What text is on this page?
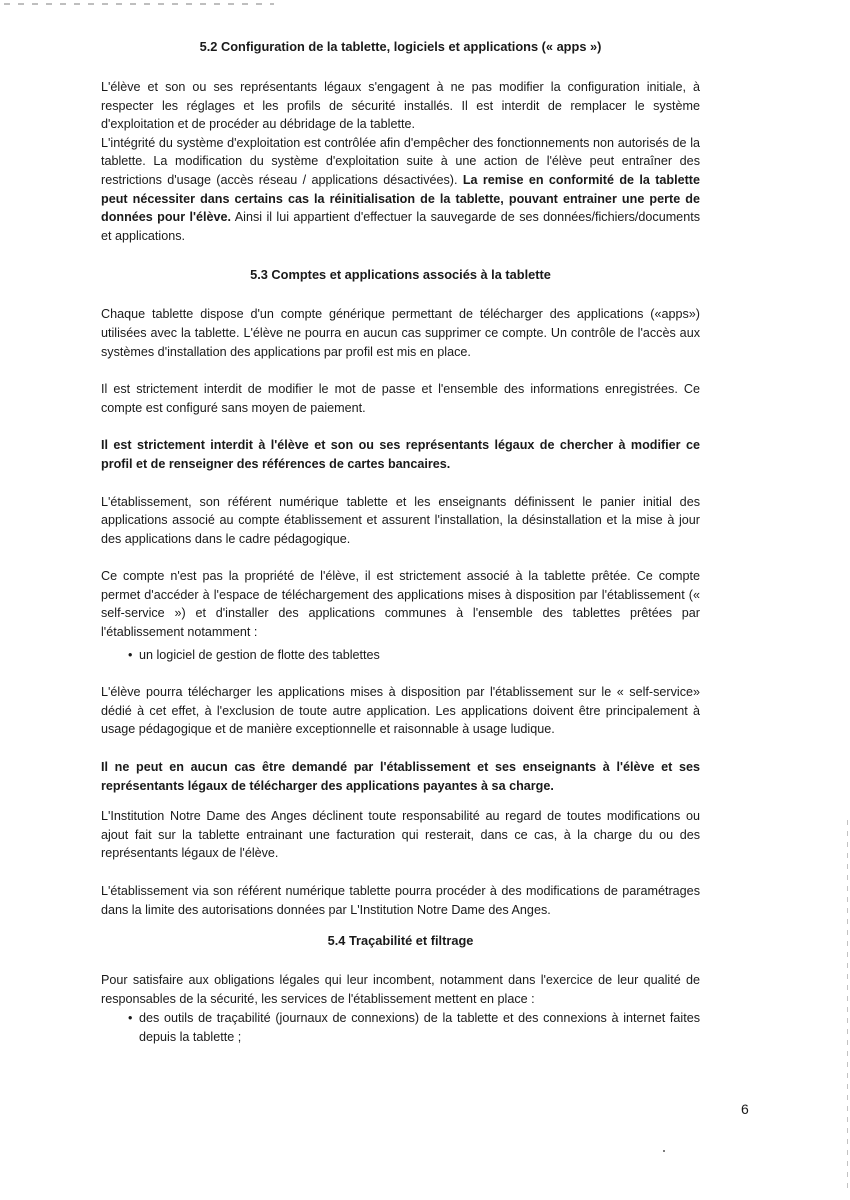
5.2 Configuration de la tablette, logiciels et applications (« apps »)

L'élève et son ou ses représentants légaux s'engagent à ne pas modifier la configuration initiale, à respecter les réglages et les profils de sécurité installés. Il est interdit de remplacer le système d'exploitation et de procéder au débridage de la tablette.

L'intégrité du système d'exploitation est contrôlée afin d'empêcher des fonctionnements non autorisés de la tablette. La modification du système d'exploitation suite à une action de l'élève peut entraîner des restrictions d'usage (accès réseau / applications désactivées). La remise en conformité de la tablette peut nécessiter dans certains cas la réinitialisation de la tablette, pouvant entrainer une perte de données pour l'élève. Ainsi il lui appartient d'effectuer la sauvegarde de ses données/fichiers/documents et applications.

5.3 Comptes et applications associés à la tablette

Chaque tablette dispose d'un compte générique permettant de télécharger des applications («apps») utilisées avec la tablette. L'élève ne pourra en aucun cas supprimer ce compte. Un contrôle de l'accès aux systèmes d'installation des applications par profil est mis en place.

Il est strictement interdit de modifier le mot de passe et l'ensemble des informations enregistrées. Ce compte est configuré sans moyen de paiement.

Il est strictement interdit à l'élève et son ou ses représentants légaux de chercher à modifier ce profil et de renseigner des références de cartes bancaires.

L'établissement, son référent numérique tablette et les enseignants définissent le panier initial des applications associé au compte établissement et assurent l'installation, la désinstallation et la mise à jour des applications dans le cadre pédagogique.

Ce compte n'est pas la propriété de l'élève, il est strictement associé à la tablette prêtée. Ce compte permet d'accéder à l'espace de téléchargement des applications mises à disposition par l'établissement (« self-service ») et d'installer des applications communes à l'ensemble des tablettes prêtées par l'établissement notamment :

• un logiciel de gestion de flotte des tablettes

L'élève pourra télécharger les applications mises à disposition par l'établissement sur le « self-service» dédié à cet effet, à l'exclusion de toute autre application. Les applications doivent être principalement à usage pédagogique et de manière exceptionnelle et raisonnable à usage ludique.

Il ne peut en aucun cas être demandé par l'établissement et ses enseignants à l'élève et ses représentants légaux de télécharger des applications payantes à sa charge.

L'Institution Notre Dame des Anges déclinent toute responsabilité au regard de toutes modifications ou ajout fait sur la tablette entrainant une facturation qui resterait, dans ce cas, à la charge du ou des représentants légaux de l'élève.

L'établissement via son référent numérique tablette pourra procéder à des modifications de paramétrages dans la limite des autorisations données par L'Institution Notre Dame des Anges.

5.4 Traçabilité et filtrage

Pour satisfaire aux obligations légales qui leur incombent, notamment dans l'exercice de leur qualité de responsables de la sécurité, les services de l'établissement mettent en place :

• des outils de traçabilité (journaux de connexions) de la tablette et des connexions à internet faites depuis la tablette ;
6
